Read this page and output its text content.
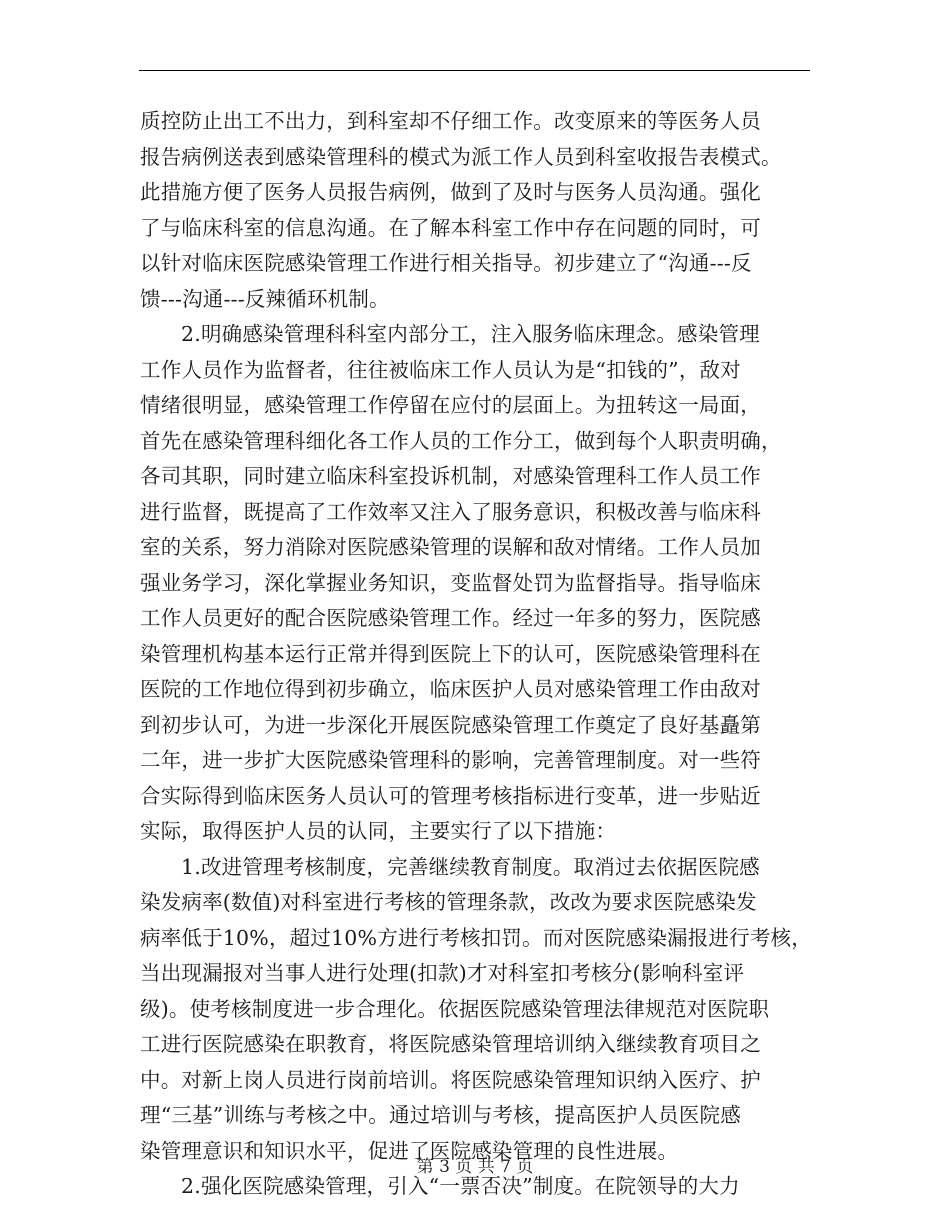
质控防止出工不出力，到科室却不仔细工作。改变原来的等医务人员
报告病例送表到感染管理科的模式为派工作人员到科室收报告表模式。
此措施方便了医务人员报告病例，做到了及时与医务人员沟通。强化
了与临床科室的信息沟通。在了解本科室工作中存在问题的同时，可
以针对临床医院感染管理工作进行相关指导。初步建立了“沟通---反
馈---沟通---反辣循环机制。
2.明确感染管理科科室内部分工，注入服务临床理念。感染管理
工作人员作为监督者，往往被临床工作人员认为是“扣钱的”，敌对
情绪很明显，感染管理工作停留在应付的层面上。为扭转这一局面，
首先在感染管理科细化各工作人员的工作分工，做到每个人职责明确，
各司其职，同时建立临床科室投诉机制，对感染管理科工作人员工作
进行监督，既提高了工作效率又注入了服务意识，积极改善与临床科
室的关系，努力消除对医院感染管理的误解和敌对情绪。工作人员加
强业务学习，深化掌握业务知识，变监督处罚为监督指导。指导临床
工作人员更好的配合医院感染管理工作。经过一年多的努力，医院感
染管理机构基本运行正常并得到医院上下的认可，医院感染管理科在
医院的工作地位得到初步确立，临床医护人员对感染管理工作由敌对
到初步认可，为进一步深化开展医院感染管理工作奠定了良好基矗第
二年，进一步扩大医院感染管理科的影响，完善管理制度。对一些符
合实际得到临床医务人员认可的管理考核指标进行变革，进一步贴近
实际，取得医护人员的认同，主要实行了以下措施：
1.改进管理考核制度，完善继续教育制度。取消过去依据医院感
染发病率(数值)对科室进行考核的管理条款，改改为要求医院感染发
病率低于10%，超过10%方进行考核扣罚。而对医院感染漏报进行考核，
当出现漏报对当事人进行处理(扣款)才对科室扣考核分(影响科室评
级)。使考核制度进一步合理化。依据医院感染管理法律规范对医院职
工进行医院感染在职教育，将医院感染管理培训纳入继续教育项目之
中。对新上岗人员进行岗前培训。将医院感染管理知识纳入医疗、护
理“三基”训练与考核之中。通过培训与考核，提高医护人员医院感
染管理意识和知识水平，促进了医院感染管理的良性进展。
2.强化医院感染管理，引入“一票否决”制度。在院领导的大力
第 3 页 共 7 页
